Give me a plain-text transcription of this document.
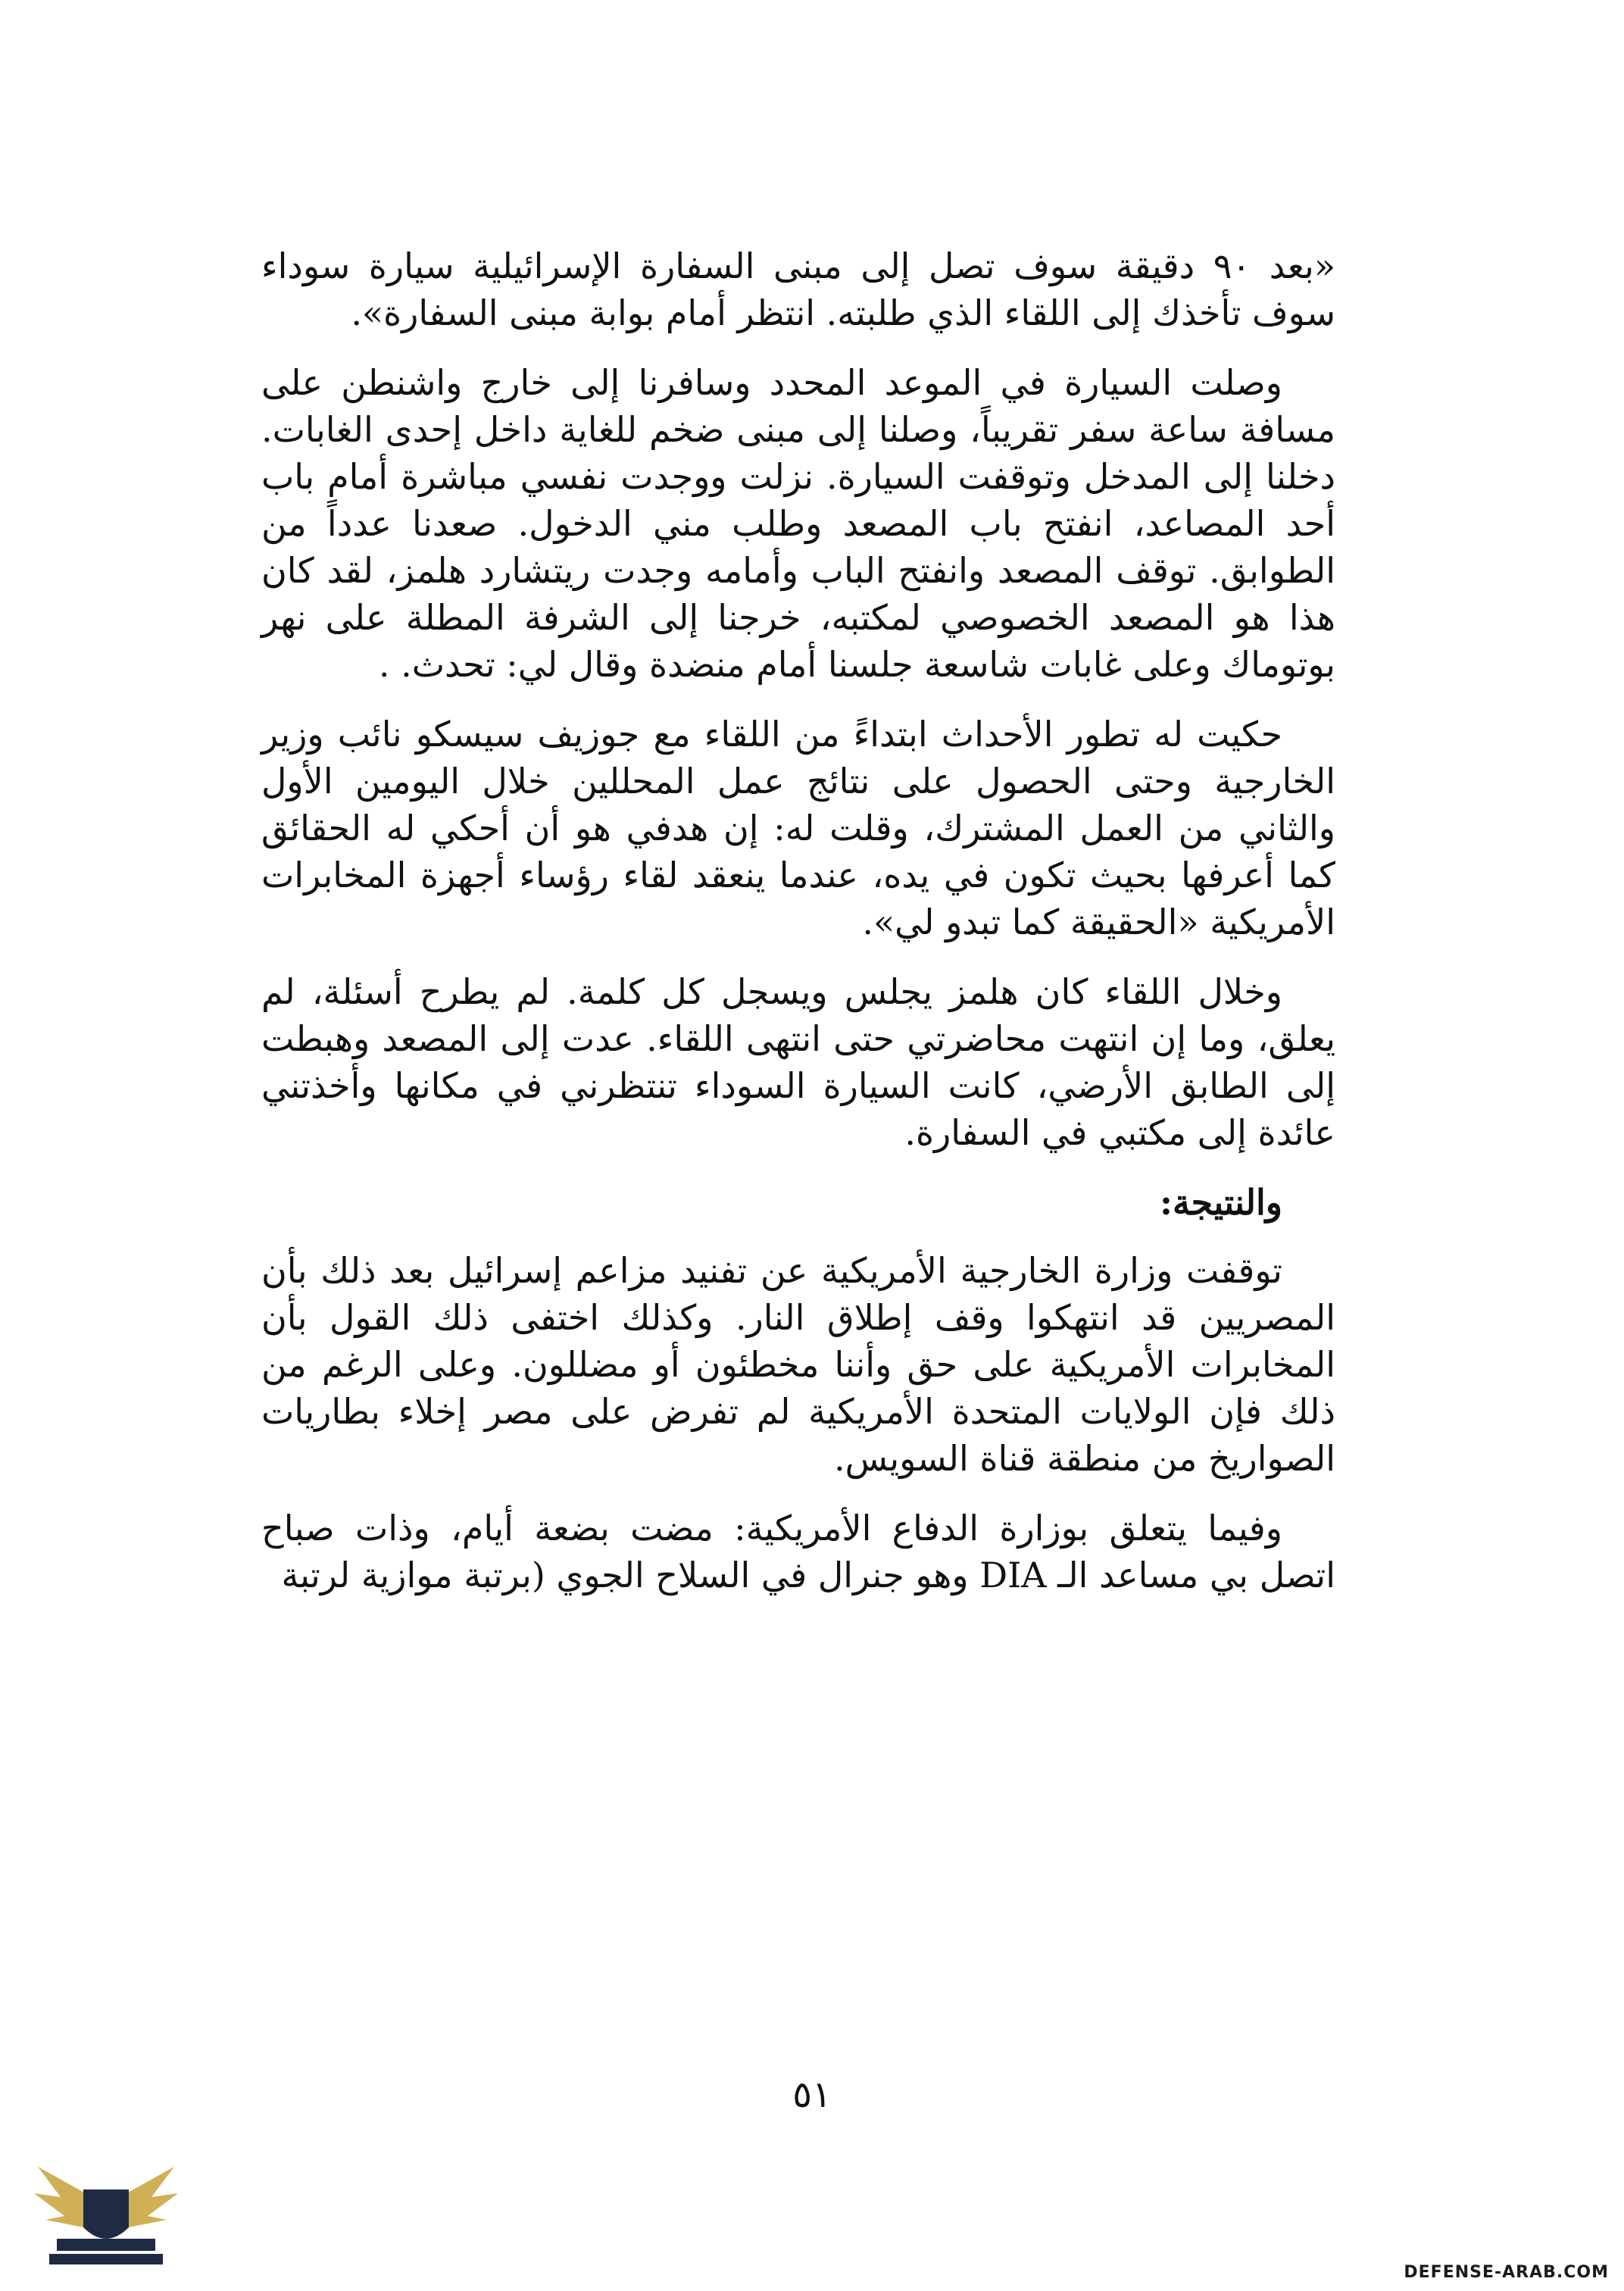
«بعد ٩٠ دقيقة سوف تصل إلى مبنى السفارة الإسرائيلية سيارة سوداء سوف تأخذك إلى اللقاء الذي طلبته. انتظر أمام بوابة مبنى السفارة».

وصلت السيارة في الموعد المحدد وسافرنا إلى خارج واشنطن على مسافة ساعة سفر تقريباً، وصلنا إلى مبنى ضخم للغاية داخل إحدى الغابات. دخلنا إلى المدخل وتوقفت السيارة. نزلت ووجدت نفسي مباشرة أمام باب أحد المصاعد، انفتح باب المصعد وطلب مني الدخول. صعدنا عدداً من الطوابق. توقف المصعد وانفتح الباب وأمامه وجدت ريتشارد هلمز، لقد كان هذا هو المصعد الخصوصي لمكتبه، خرجنا إلى الشرفة المطلة على نهر بوتوماك وعلى غابات شاسعة جلسنا أمام منضدة وقال لي: تحدث. .

حكيت له تطور الأحداث ابتداءً من اللقاء مع جوزيف سيسكو نائب وزير الخارجية وحتى الحصول على نتائج عمل المحللين خلال اليومين الأول والثاني من العمل المشترك، وقلت له: إن هدفي هو أن أحكي له الحقائق كما أعرفها بحيث تكون في يده، عندما ينعقد لقاء رؤساء أجهزة المخابرات الأمريكية «الحقيقة كما تبدو لي».

وخلال اللقاء كان هلمز يجلس ويسجل كل كلمة. لم يطرح أسئلة، لم يعلق، وما إن انتهت محاضرتي حتى انتهى اللقاء. عدت إلى المصعد وهبطت إلى الطابق الأرضي، كانت السيارة السوداء تنتظرني في مكانها وأخذتني عائدة إلى مكتبي في السفارة.

والنتيجة:

توقفت وزارة الخارجية الأمريكية عن تفنيد مزاعم إسرائيل بعد ذلك بأن المصريين قد انتهكوا وقف إطلاق النار. وكذلك اختفى ذلك القول بأن المخابرات الأمريكية على حق وأننا مخطئون أو مضللون. وعلى الرغم من ذلك فإن الولايات المتحدة الأمريكية لم تفرض على مصر إخلاء بطاريات الصواريخ من منطقة قناة السويس.

وفيما يتعلق بوزارة الدفاع الأمريكية: مضت بضعة أيام، وذات صباح اتصل بي مساعد الـ DIA وهو جنرال في السلاح الجوي (برتبة موازية لرتبة

٥١
DEFENSE-ARAB.COM
